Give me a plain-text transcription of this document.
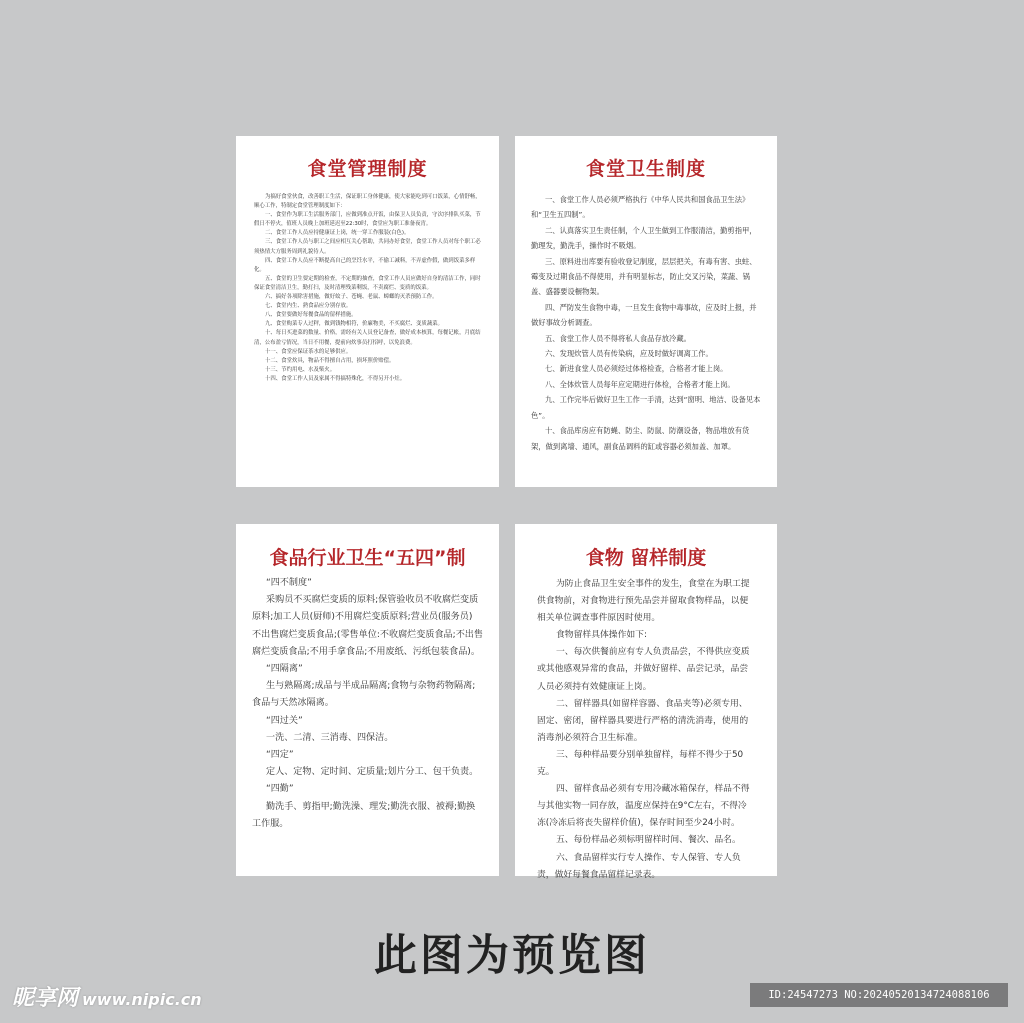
食堂管理制度

为搞好食堂伙食，改善职工生活，保证职工身体健康，使大家能吃到可口饭菜，心情舒畅，顺心工作，特制定食堂管理制度如下：

一、食堂作为职工生活服务部门，应做到准点开饭，由保卫人员负责，守次序排队买菜，节假日不停火，值班人员晚上加班延迟至22:30时，食堂应为职工准备夜宵。

二、食堂工作人员应持健康证上岗，统一穿工作服装(白色)。

三、食堂工作人员与职工之间应相互关心帮助，共同办好食堂，食堂工作人员对每个职工必须热情大方服务周到礼貌待人。

四、食堂工作人员应不断提高自己的烹饪水平，不偷工减料，不弄虚作假，做到饭菜多样化。

五、食堂的卫生要定期的检查，不定期的抽查，食堂工作人员应做好自身的清洁工作，同时保证食堂清洁卫生，勤打扫，及时清理残菜剩饭，不卖腐烂、变质的饭菜。

六、搞好各项除害措施，做好蚊子、苍蝇、老鼠、蟑螂的灭杀预防工作。

七、食堂内生、熟食品应分别存放。

八、食堂要做好每餐食品的留样措施。

九、食堂购菜专人过秤，做到钱物相符，价廉物美，不买腐烂、变质蔬菜。

十、每日买进菜的数量、价格，需经有关人员登记备查，做好成本核算，每餐记帐，月底结清，公布盈亏情况，当日不用餐，提前向炊事员打招呼，以免浪费。

十一、食堂应保证茶水的足够供应。

十二、食堂炊具，物品不得擅自占用，损坏照价赔偿。

十三、节约用电、水及柴火。

十四、食堂工作人员及家属不得搞特殊化，不得另开小灶。

食堂卫生制度

一、食堂工作人员必须严格执行《中华人民共和国食品卫生法》和“卫生五四制”。

二、认真落实卫生责任制，个人卫生做到工作服清洁，勤剪指甲，勤理发，勤洗手，操作时不吸烟。

三、原料进出库要有验收登记制度，层层把关，有毒有害、虫蛀、霉变及过期食品不得使用，并有明显标志，防止交叉污染，菜蔬、锅盖、盛器要设橱物架。

四、严防发生食物中毒，一旦发生食物中毒事故，应及时上报，并做好事故分析调查。

五、食堂工作人员不得将私人食品存放冷藏。

六、发现炊管人员有传染病，应及时做好调离工作。

七、新进食堂人员必须经过体格检查，合格者才能上岗。

八、全体炊管人员每年应定期进行体检，合格者才能上岗。

九、工作完毕后做好卫生工作一手清，达到“窗明、地洁、设备见本色”。

十、食品库房应有防蝇、防尘、防鼠、防潮设备，物品堆放有货架，做到离墙、通风，副食品调料的缸或容器必须加盖、加罩。

食品行业卫生“五四”制

“四不制度”

采购员不买腐烂变质的原料;保管验收员不收腐烂变质原料;加工人员(厨师)不用腐烂变质原料;营业员(服务员) 不出售腐烂变质食品;(零售单位:不收腐烂变质食品;不出售腐烂变质食品;不用手拿食品;不用废纸、污纸包装食品)。

“四隔离”

生与熟隔离;成品与半成品隔离;食物与杂物药物隔离;食品与天然冰隔离。

“四过关”

一洗、二清、三消毒、四保洁。

“四定”

定人、定物、定时间、定质量;划片分工、包干负责。

“四勤”

勤洗手、剪指甲;勤洗澡、理发;勤洗衣服、被褥;勤换工作服。

食物 留样制度

为防止食品卫生安全事件的发生，食堂在为职工提供食物前，对食物进行预先品尝并留取食物样品，以便相关单位调查事件原因时使用。

食物留样具体操作如下:

一、每次供餐前应有专人负责品尝，不得供应变质或其他感观异常的食品，并做好留样、品尝记录，品尝人员必须持有效健康证上岗。

二、留样器具(如留样容器、食品夹等)必须专用、固定、密闭，留样器具要进行严格的清洗消毒，使用的消毒剂必须符合卫生标准。

三、每种样品要分别单独留样，每样不得少于50克。

四、留样食品必须有专用冷藏冰箱保存，样品不得与其他实物一同存放，温度应保持在9°C左右，不得冷冻(冷冻后将丧失留样价值)，保存时间至少24小时。

五、每份样品必须标明留样时间、餐次、品名。

六、食品留样实行专人操作、专人保管、专人负责，做好每餐食品留样记录表。

此图为预览图
昵享网 www.nipic.cn	ID:24547273 NO:20240520134724088106
